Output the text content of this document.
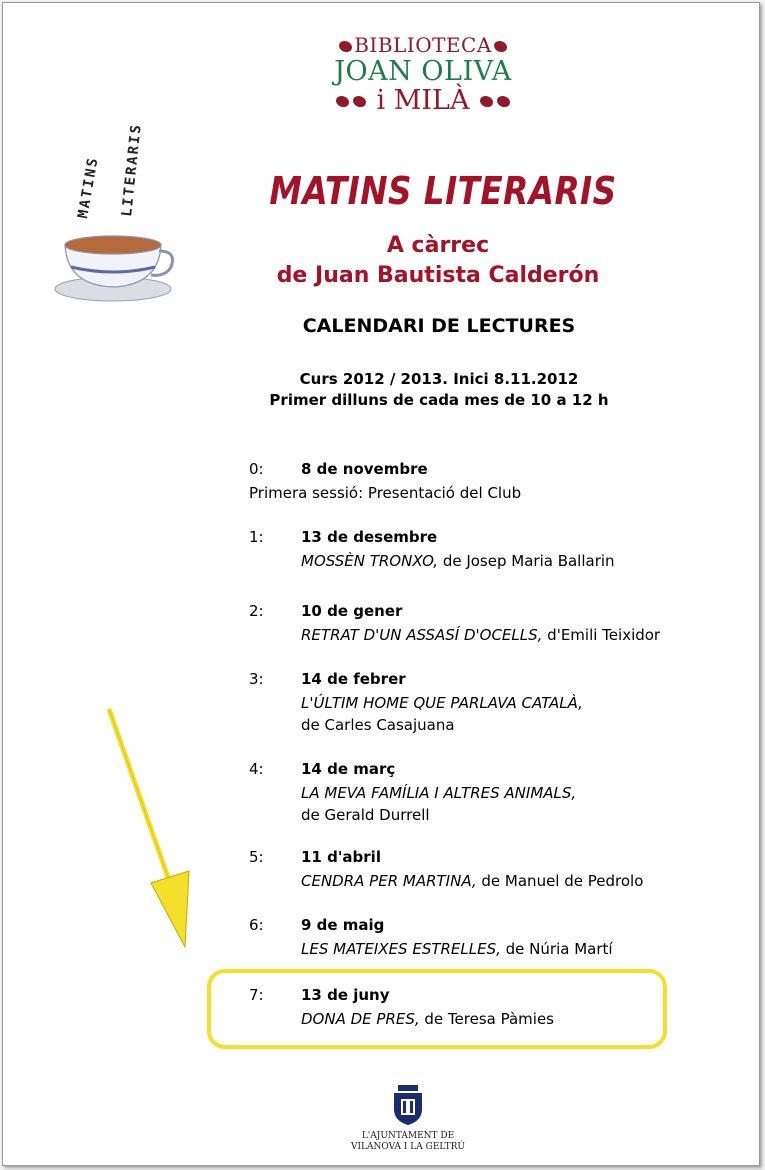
BIBLIOTECA
JOAN OLIVA
i MILÀ
MATINS LITERARIS	MATINS LITERARIS
A càrrec
de Juan Bautista Calderón
CALENDARI DE LECTURES
Curs 2012 / 2013. Inici 8.11.2012
Primer dilluns de cada mes de 10 a 12 h
0: 8 de novembre
Primera sessió: Presentació del Club
1: 13 de desembre
MOSSÈN TRONXO, de Josep Maria Ballarin
2: 10 de gener
RETRAT D'UN ASSASÍ D'OCELLS, d'Emili Teixidor
3: 14 de febrer
L'ÚLTIM HOME QUE PARLAVA CATALÀ,
de Carles Casajuana
4: 14 de març
LA MEVA FAMÍLIA I ALTRES ANIMALS,
de Gerald Durrell
5: 11 d'abril
CENDRA PER MARTINA, de Manuel de Pedrolo
6: 9 de maig
LES MATEIXES ESTRELLES, de Núria Martí
7: 13 de juny
DONA DE PRES, de Teresa Pàmies
L'AJUNTAMENT DE
VILANOVA I LA GELTRÚ
